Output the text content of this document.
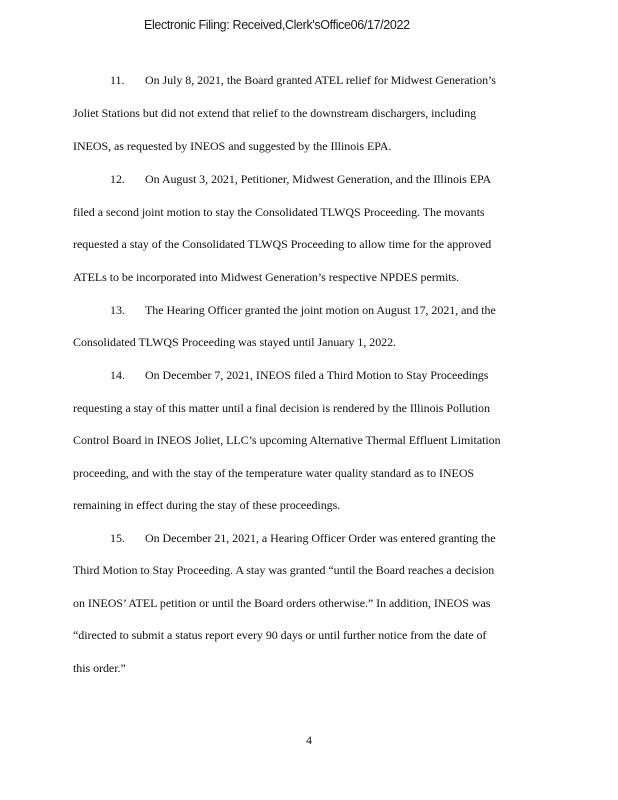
Electronic Filing: Received,Clerk'sOffice06/17/2022
11. On July 8, 2021, the Board granted ATEL relief for Midwest Generation’s
Joliet Stations but did not extend that relief to the downstream dischargers, including
INEOS, as requested by INEOS and suggested by the Illinois EPA.
12. On August 3, 2021, Petitioner, Midwest Generation, and the Illinois EPA
filed a second joint motion to stay the Consolidated TLWQS Proceeding. The movants
requested a stay of the Consolidated TLWQS Proceeding to allow time for the approved
ATELs to be incorporated into Midwest Generation’s respective NPDES permits.
13. The Hearing Officer granted the joint motion on August 17, 2021, and the
Consolidated TLWQS Proceeding was stayed until January 1, 2022.
14. On December 7, 2021, INEOS filed a Third Motion to Stay Proceedings
requesting a stay of this matter until a final decision is rendered by the Illinois Pollution
Control Board in INEOS Joliet, LLC’s upcoming Alternative Thermal Effluent Limitation
proceeding, and with the stay of the temperature water quality standard as to INEOS
remaining in effect during the stay of these proceedings.
15. On December 21, 2021, a Hearing Officer Order was entered granting the
Third Motion to Stay Proceeding. A stay was granted “until the Board reaches a decision
on INEOS’ ATEL petition or until the Board orders otherwise.” In addition, INEOS was
“directed to submit a status report every 90 days or until further notice from the date of
this order.”
4
